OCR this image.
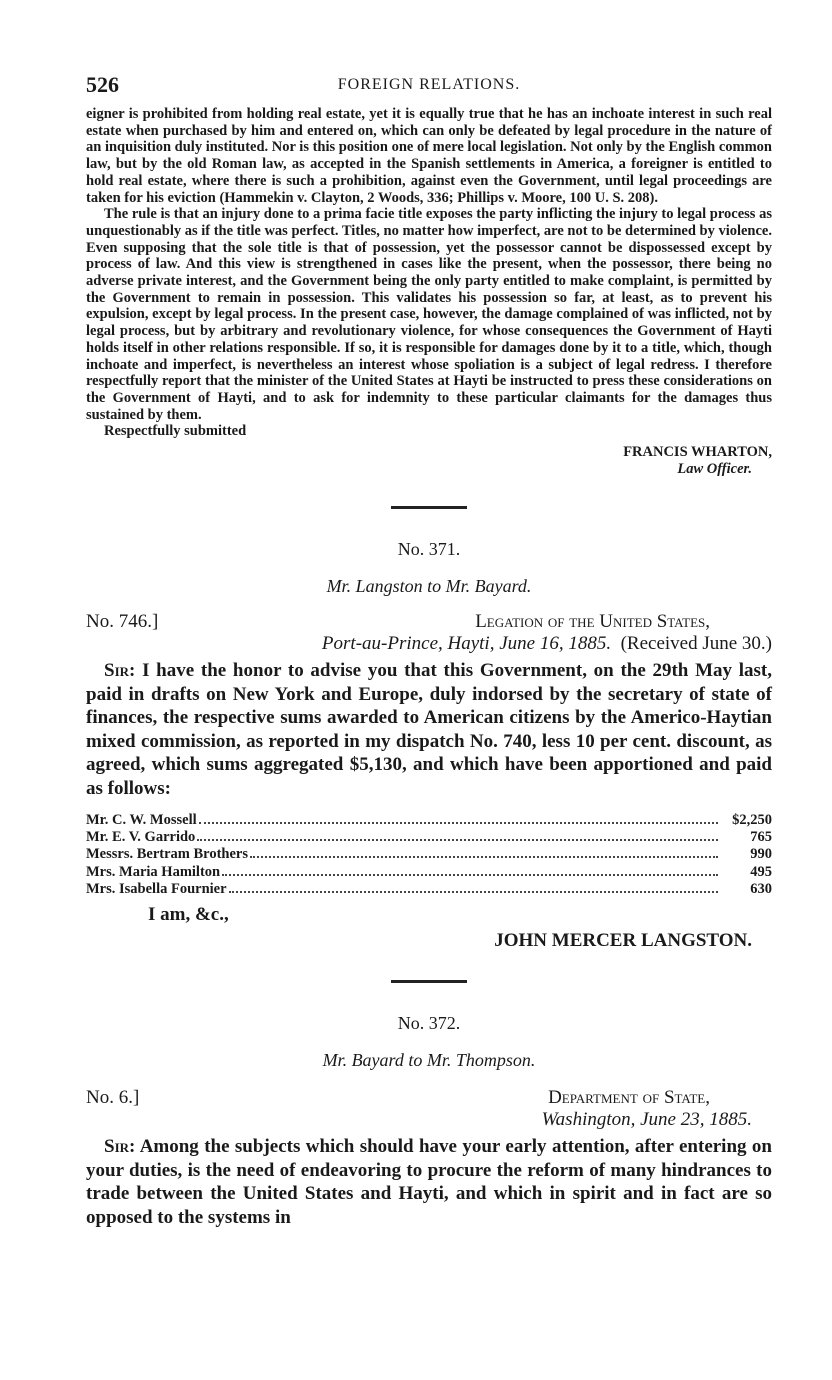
526	FOREIGN RELATIONS.

eigner is prohibited from holding real estate, yet it is equally true that he has an inchoate interest in such real estate when purchased by him and entered on, which can only be defeated by legal procedure in the nature of an inquisition duly instituted. Nor is this position one of mere local legislation. Not only by the English common law, but by the old Roman law, as accepted in the Spanish settlements in America, a foreigner is entitled to hold real estate, where there is such a prohibition, against even the Government, until legal proceedings are taken for his eviction (Hammekin v. Clayton, 2 Woods, 336; Phillips v. Moore, 100 U. S. 208).

The rule is that an injury done to a prima facie title exposes the party inflicting the injury to legal process as unquestionably as if the title was perfect. Titles, no matter how imperfect, are not to be determined by violence. Even supposing that the sole title is that of possession, yet the possessor cannot be dispossessed except by process of law. And this view is strengthened in cases like the present, when the possessor, there being no adverse private interest, and the Government being the only party entitled to make complaint, is permitted by the Government to remain in possession. This validates his possession so far, at least, as to prevent his expulsion, except by legal process. In the present case, however, the damage complained of was inflicted, not by legal process, but by arbitrary and revolutionary violence, for whose consequences the Government of Hayti holds itself in other relations responsible. If so, it is responsible for damages done by it to a title, which, though inchoate and imperfect, is nevertheless an interest whose spoliation is a subject of legal redress. I therefore respectfully report that the minister of the United States at Hayti be instructed to press these considerations on the Government of Hayti, and to ask for indemnity to these particular claimants for the damages thus sustained by them.

Respectfully submitted

FRANCIS WHARTON,
Law Officer.
No. 371.
Mr. Langston to Mr. Bayard.
No. 746.]	Legation of the United States,
Port-au-Prince, Hayti, June 16, 1885. (Received June 30.)

Sir: I have the honor to advise you that this Government, on the 29th May last, paid in drafts on New York and Europe, duly indorsed by the secretary of state of finances, the respective sums awarded to American citizens by the Americo-Haytian mixed commission, as reported in my dispatch No. 740, less 10 per cent. discount, as agreed, which sums aggregated $5,130, and which have been apportioned and paid as follows:

Mr. C. W. Mossell	$2,250
Mr. E. V. Garrido	765
Messrs. Bertram Brothers	990
Mrs. Maria Hamilton	495
Mrs. Isabella Fournier	630
I am, &c.,
JOHN MERCER LANGSTON.
No. 372.
Mr. Bayard to Mr. Thompson.
No. 6.]	Department of State,
Washington, June 23, 1885.

Sir: Among the subjects which should have your early attention, after entering on your duties, is the need of endeavoring to procure the reform of many hindrances to trade between the United States and Hayti, and which in spirit and in fact are so opposed to the systems in
